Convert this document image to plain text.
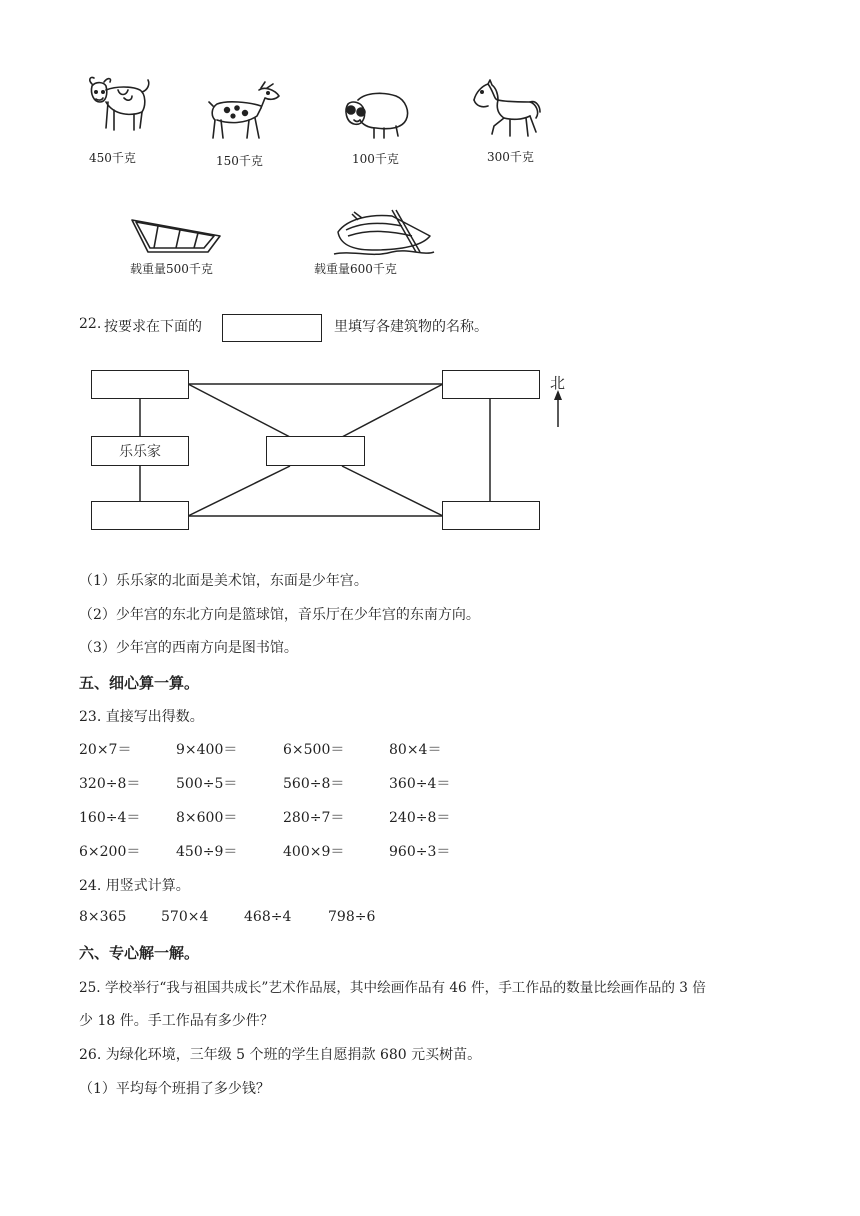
450千克	150千克	100千克	300千克
载重量500千克	载重量600千克
22. 按要求在下面的	里填写各建筑物的名称。
乐乐家
北
（1）乐乐家的北面是美术馆，东面是少年宫。
（2）少年宫的东北方向是篮球馆，音乐厅在少年宫的东南方向。
（3）少年宫的西南方向是图书馆。
五、细心算一算。
23. 直接写出得数。
20×7＝	9×400＝	6×500＝	80×4＝
320÷8＝	500÷5＝	560÷8＝	360÷4＝
160÷4＝	8×600＝	280÷7＝	240÷8＝
6×200＝	450÷9＝	400×9＝	960÷3＝
24. 用竖式计算。
8×365 570×4	468÷4	798÷6
六、专心解一解。
25. 学校举行“我与祖国共成长”艺术作品展，其中绘画作品有 46 件，手工作品的数量比绘画作品的 3 倍
少 18 件。手工作品有多少件？
26. 为绿化环境，三年级 5 个班的学生自愿捐款 680 元买树苗。
（1）平均每个班捐了多少钱？
